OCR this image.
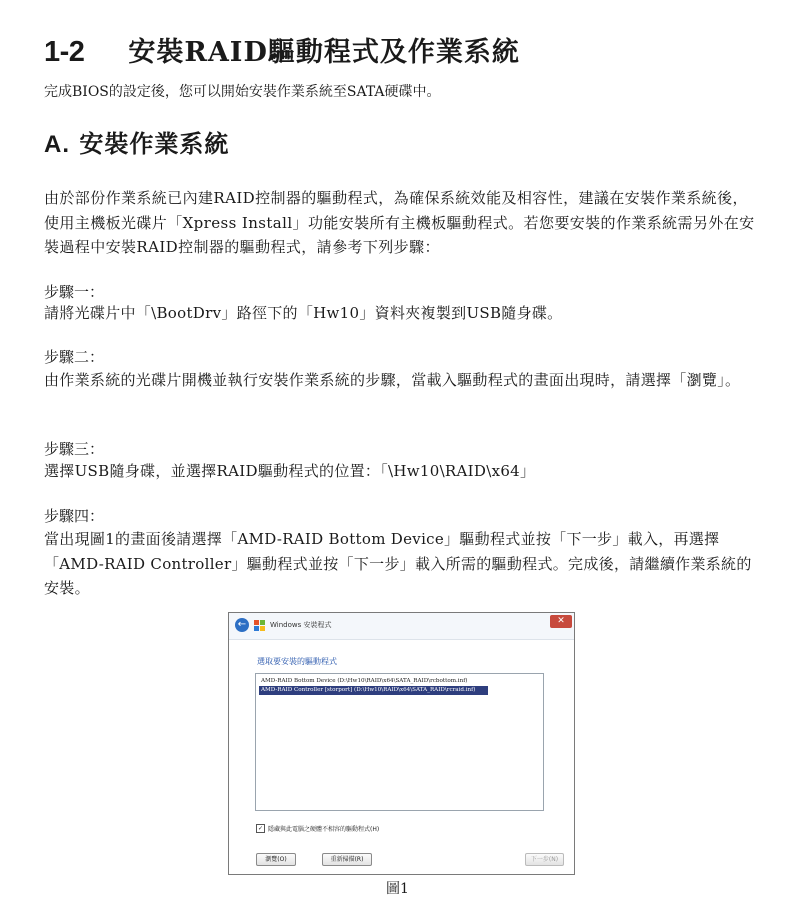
1-2 安裝RAID驅動程式及作業系統
完成BIOS的設定後，您可以開始安裝作業系統至SATA硬碟中。
A. 安裝作業系統
由於部份作業系統已內建RAID控制器的驅動程式，為確保系統效能及相容性，建議在安裝作業系統後，使用主機板光碟片「Xpress Install」功能安裝所有主機板驅動程式。若您要安裝的作業系統需另外在安裝過程中安裝RAID控制器的驅動程式，請參考下列步驟：
步驟一：
請將光碟片中「\BootDrv」路徑下的「Hw10」資料夾複製到USB隨身碟。
步驟二：
由作業系統的光碟片開機並執行安裝作業系統的步驟，當載入驅動程式的畫面出現時，請選擇「瀏覽」。
步驟三：
選擇USB隨身碟，並選擇RAID驅動程式的位置：「\Hw10\RAID\x64」
步驟四：
當出現圖1的畫面後請選擇「AMD-RAID Bottom Device」驅動程式並按「下一步」載入，再選擇「AMD-RAID Controller」驅動程式並按「下一步」載入所需的驅動程式。完成後，請繼續作業系統的安裝。
←	Windows 安裝程式	✕
選取要安裝的驅動程式
AMD-RAID Bottom Device (D:\Hw10\RAID\x64\SATA_RAID\rcbottom.inf)
AMD-RAID Controller [storport] (D:\Hw10\RAID\x64\SATA_RAID\rcraid.inf)
✓ 隱藏與此電腦之硬體不相容的驅動程式(H)
瀏覽(O)	重新掃描(R)	下一步(N)
圖1
